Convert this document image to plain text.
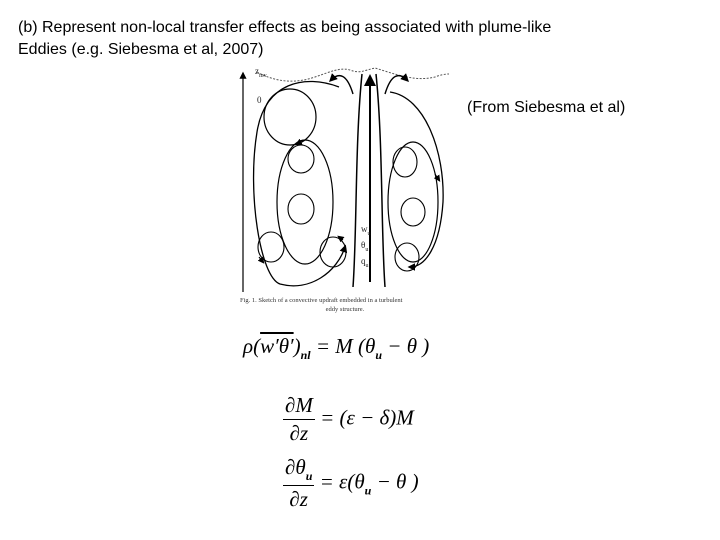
(b) Represent non-local transfer effects as being associated with plume-like
Eddies (e.g. Siebesma et al, 2007)
(From Siebesma et al)
$z_{inv}$
0
$w_u$
$\theta_u$
$q_u$
Fig. 1. Sketch of a convective updraft embedded in a turbulent
eddy structure.
$\rho(w'\theta')_{nl} = M$ ($\theta_u - \theta$ )
$\frac{\partial M}{\partial z} = (\varepsilon - \delta)M$
$\frac{\partial\theta_u}{\partial z} = \varepsilon(\theta_u - \theta$ )
